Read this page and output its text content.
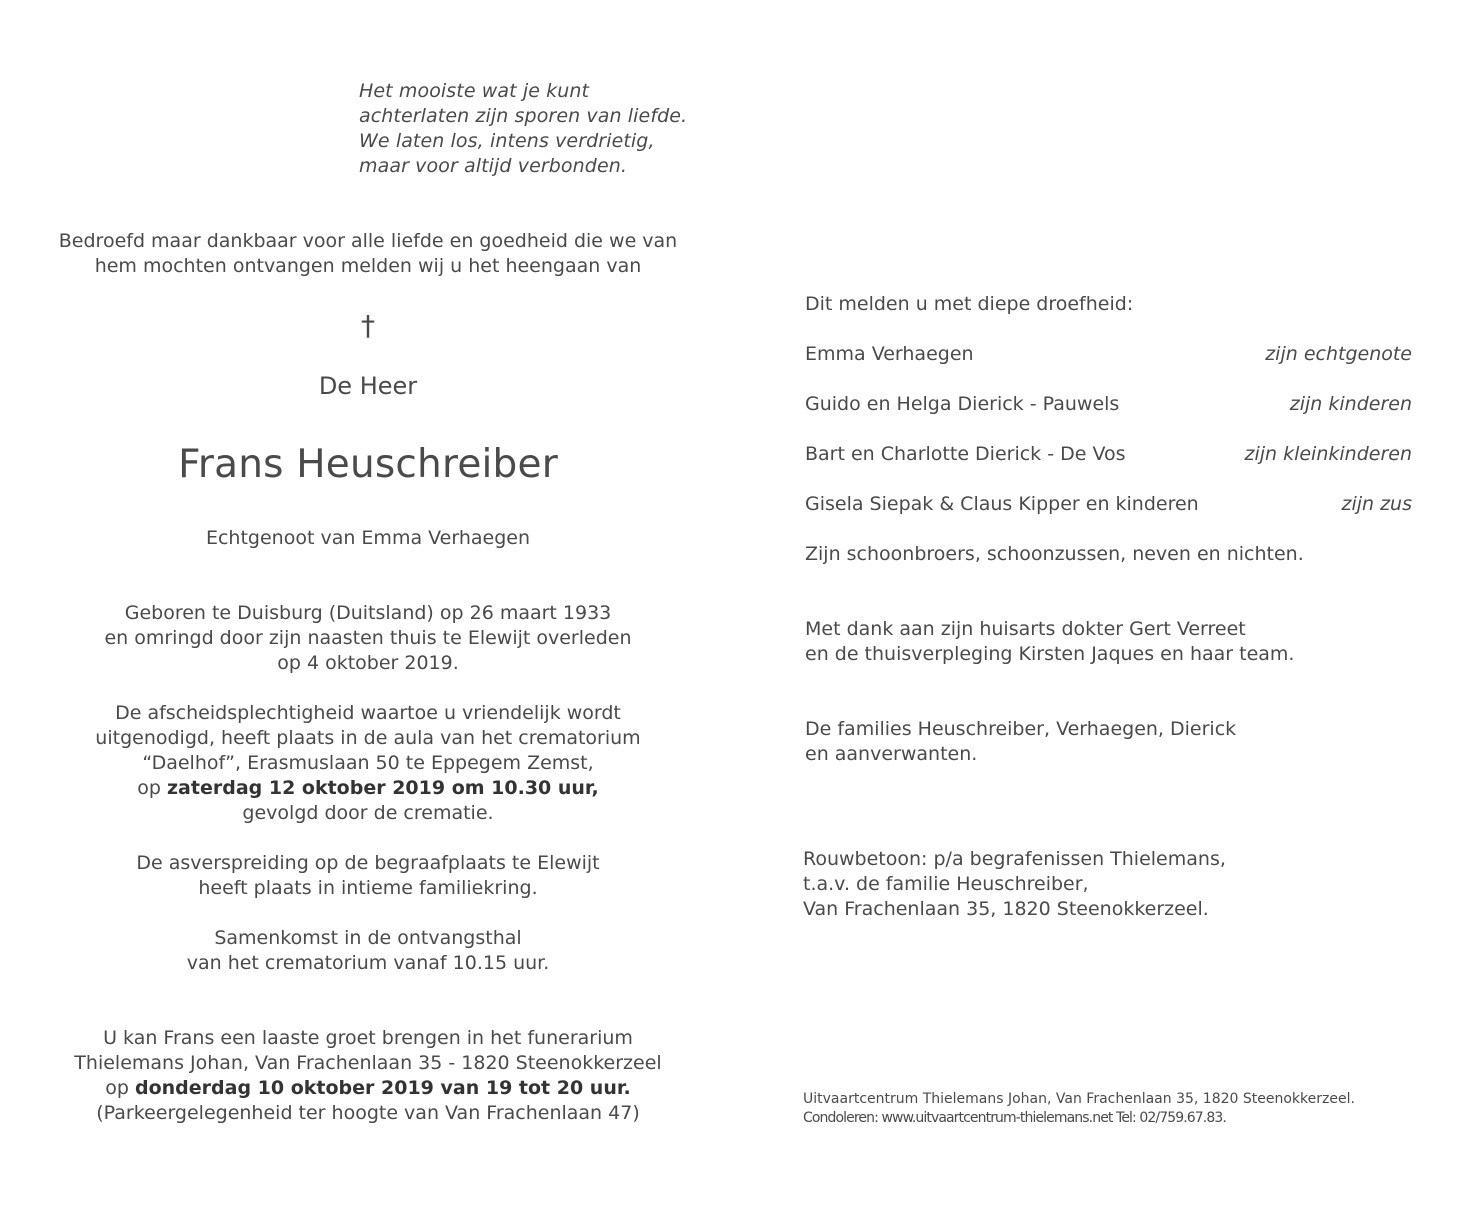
Het mooiste wat je kunt
achterlaten zijn sporen van liefde.
We laten los, intens verdrietig,
maar voor altijd verbonden.
Bedroefd maar dankbaar voor alle liefde en goedheid die we van
hem mochten ontvangen melden wij u het heengaan van
†
De Heer
Frans Heuschreiber
Echtgenoot van Emma Verhaegen
Geboren te Duisburg (Duitsland) op 26 maart 1933
en omringd door zijn naasten thuis te Elewijt overleden
op 4 oktober 2019.
De afscheidsplechtigheid waartoe u vriendelijk wordt
uitgenodigd, heeft plaats in de aula van het crematorium
“Daelhof”, Erasmuslaan 50 te Eppegem Zemst,
op zaterdag 12 oktober 2019 om 10.30 uur,
gevolgd door de crematie.
De asverspreiding op de begraafplaats te Elewijt
heeft plaats in intieme familiekring.
Samenkomst in de ontvangsthal
van het crematorium vanaf 10.15 uur.
U kan Frans een laaste groet brengen in het funerarium
Thielemans Johan, Van Frachenlaan 35 - 1820 Steenokkerzeel
op donderdag 10 oktober 2019 van 19 tot 20 uur.
(Parkeergelegenheid ter hoogte van Van Frachenlaan 47)
Dit melden u met diepe droefheid:
Emma Verhaegen	zijn echtgenote
Guido en Helga Dierick - Pauwels	zijn kinderen
Bart en Charlotte Dierick - De Vos	zijn kleinkinderen
Gisela Siepak & Claus Kipper en kinderen	zijn zus
Zijn schoonbroers, schoonzussen, neven en nichten.
Met dank aan zijn huisarts dokter Gert Verreet
en de thuisverpleging Kirsten Jaques en haar team.
De families Heuschreiber, Verhaegen, Dierick
en aanverwanten.
Rouwbetoon: p/a begrafenissen Thielemans,
t.a.v. de familie Heuschreiber,
Van Frachenlaan 35, 1820 Steenokkerzeel.
Uitvaartcentrum Thielemans Johan, Van Frachenlaan 35, 1820 Steenokkerzeel.
Condoleren: www.uitvaartcentrum-thielemans.net Tel: 02/759.67.83.
